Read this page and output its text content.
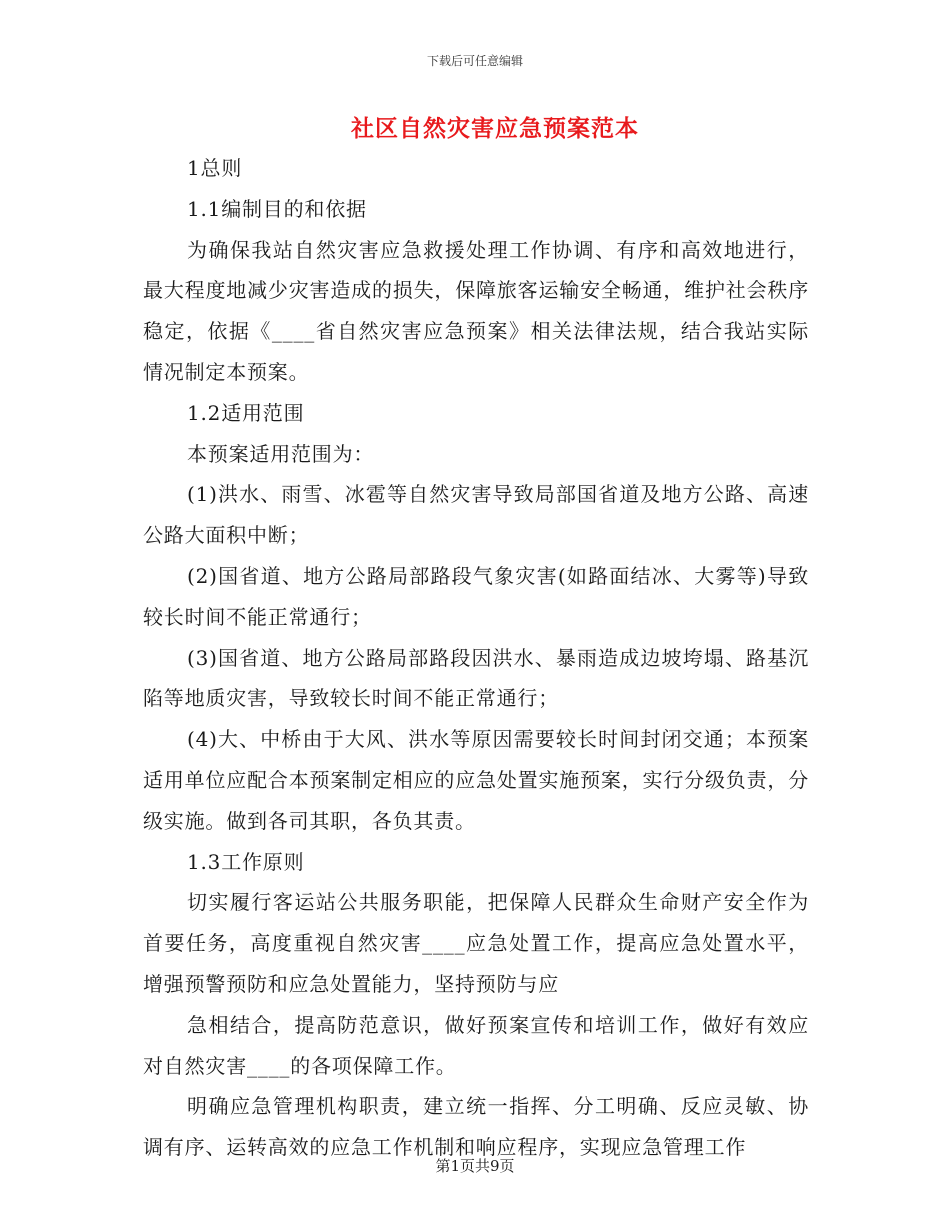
下载后可任意编辑
社区自然灾害应急预案范本

1总则

1.1编制目的和依据

为确保我站自然灾害应急救援处理工作协调、有序和高效地进行，最大程度地减少灾害造成的损失，保障旅客运输安全畅通，维护社会秩序稳定，依据《____省自然灾害应急预案》相关法律法规，结合我站实际情况制定本预案。

1.2适用范围

本预案适用范围为：

(1)洪水、雨雪、冰雹等自然灾害导致局部国省道及地方公路、高速公路大面积中断；

(2)国省道、地方公路局部路段气象灾害(如路面结冰、大雾等)导致较长时间不能正常通行；

(3)国省道、地方公路局部路段因洪水、暴雨造成边坡垮塌、路基沉陷等地质灾害，导致较长时间不能正常通行；

(4)大、中桥由于大风、洪水等原因需要较长时间封闭交通；本预案适用单位应配合本预案制定相应的应急处置实施预案，实行分级负责，分级实施。做到各司其职，各负其责。

1.3工作原则

切实履行客运站公共服务职能，把保障人民群众生命财产安全作为首要任务，高度重视自然灾害____应急处置工作，提高应急处置水平，增强预警预防和应急处置能力，坚持预防与应

急相结合，提高防范意识，做好预案宣传和培训工作，做好有效应对自然灾害____的各项保障工作。

明确应急管理机构职责，建立统一指挥、分工明确、反应灵敏、协调有序、运转高效的应急工作机制和响应程序，实现应急管理工作

第1页共9页
